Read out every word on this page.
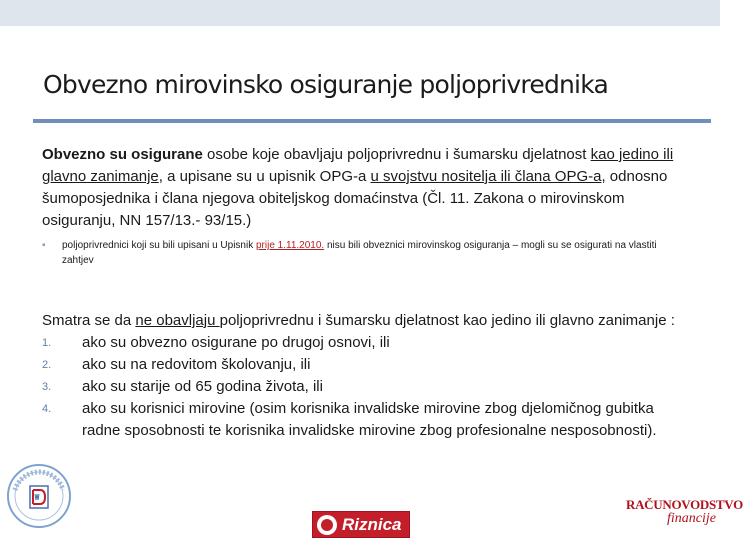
Obvezno mirovinsko osiguranje poljoprivrednika

Obvezno su osigurane osobe koje obavljaju poljoprivrednu i šumarsku djelatnost kao jedino ili glavno zanimanje, a upisane su u upisnik OPG-a u svojstvu nositelja ili člana OPG-a, odnosno šumoposjednika i člana njegova obiteljskog domaćinstva (Čl. 11. Zakona o mirovinskom osiguranju, NN 157/13.- 93/15.)

▪ poljoprivrednici koji su bili upisani u Upisnik prije 1.11.2010. nisu bili obveznici mirovinskog osiguranja – mogli su se osigurati na vlastiti zahtjev

Smatra se da ne obavljaju poljoprivrednu i šumarsku djelatnost kao jedino ili glavno zanimanje :

1. ako su obvezno osigurane po drugoj osnovi, ili
2. ako su na redovitom školovanju, ili
3. ako su starije od 65 godina života, ili
4. ako su korisnici mirovine (osim korisnika invalidske mirovine zbog djelomičnog gubitka radne sposobnosti te korisnika invalidske mirovine zbog profesionalne nesposobnosti).
Riznica
RAČUNOVODSTVO
financije
